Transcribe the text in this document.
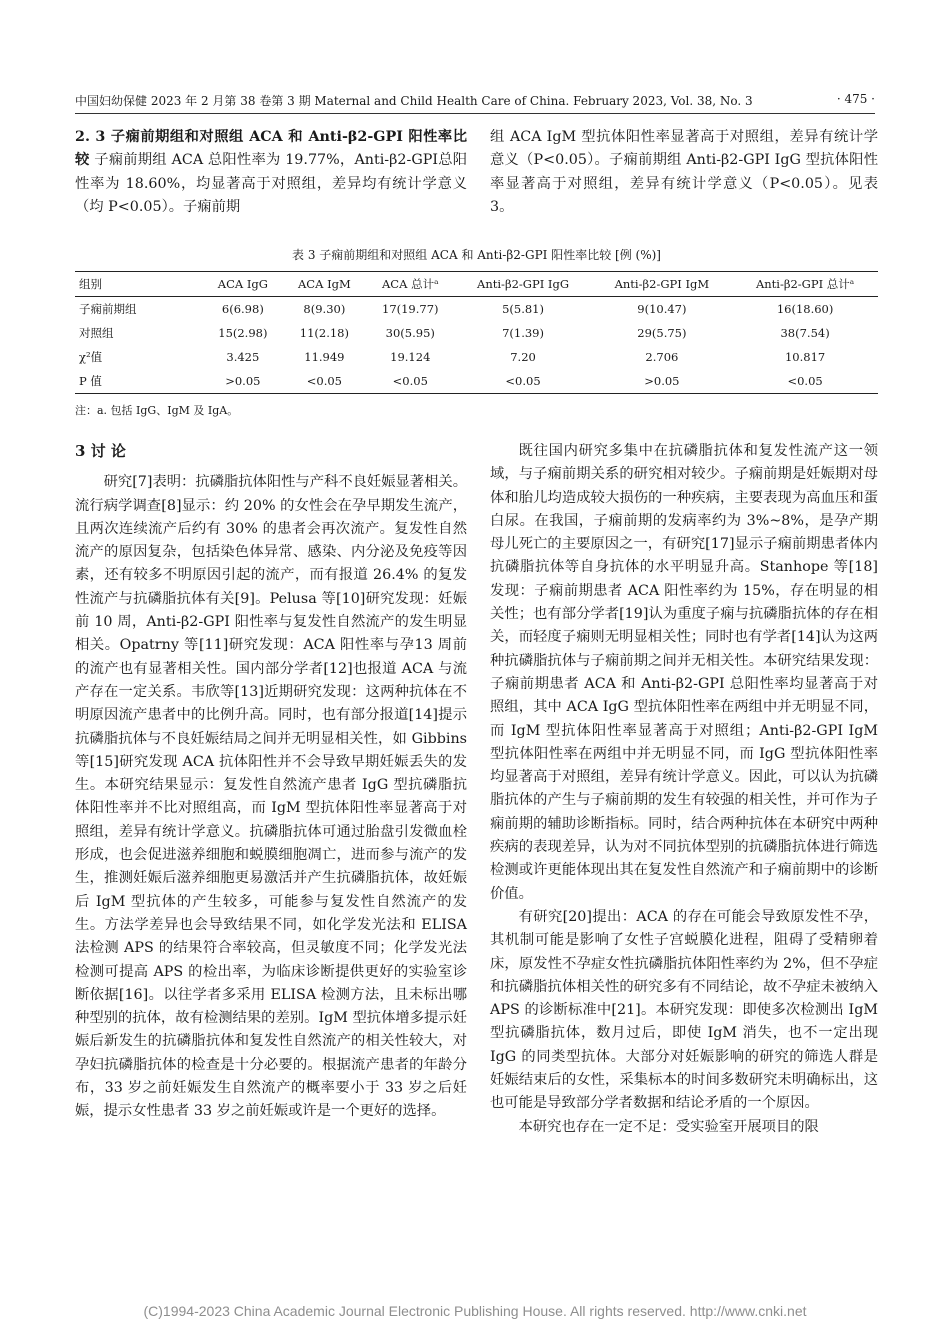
中国妇幼保健 2023 年 2 月第 38 卷第 3 期 Maternal and Child Health Care of China. February 2023, Vol. 38, No. 3	· 475 ·

2. 3 子痫前期组和对照组 ACA 和 Anti-β2-GPI 阳性率比较 子痫前期组 ACA 总阳性率为 19.77%，Anti-β2-GPI总阳性率为 18.60%，均显著高于对照组，差异均有统计学意义（均 P<0.05）。子痫前期

组 ACA IgM 型抗体阳性率显著高于对照组，差异有统计学意义（P<0.05）。子痫前期组 Anti-β2-GPI IgG 型抗体阳性率显著高于对照组，差异有统计学意义（P<0.05）。见表 3。

表 3 子痫前期组和对照组 ACA 和 Anti-β2-GPI 阳性率比较 [例 (%)]
组别	ACA IgG	ACA IgM	ACA 总计ᵃ	Anti-β2-GPI IgG	Anti-β2-GPI IgM	Anti-β2-GPI 总计ᵃ
子痫前期组	6(6.98)	8(9.30)	17(19.77)	5(5.81)	9(10.47)	16(18.60)
对照组	15(2.98)	11(2.18)	30(5.95)	7(1.39)	29(5.75)	38(7.54)
χ²值	3.425	11.949	19.124	7.20	2.706	10.817
P 值	>0.05	<0.05	<0.05	<0.05	>0.05	<0.05
注：a. 包括 IgG、IgM 及 IgA。
3 讨 论

研究[7]表明：抗磷脂抗体阳性与产科不良妊娠显著相关。流行病学调查[8]显示：约 20% 的女性会在孕早期发生流产，且两次连续流产后约有 30% 的患者会再次流产。复发性自然流产的原因复杂，包括染色体异常、感染、内分泌及免疫等因素，还有较多不明原因引起的流产，而有报道 26.4% 的复发性流产与抗磷脂抗体有关[9]。Pelusa 等[10]研究发现：妊娠前 10 周，Anti-β2-GPI 阳性率与复发性自然流产的发生明显相关。Opatrny 等[11]研究发现：ACA 阳性率与孕13 周前的流产也有显著相关性。国内部分学者[12]也报道 ACA 与流产存在一定关系。韦欣等[13]近期研究发现：这两种抗体在不明原因流产患者中的比例升高。同时，也有部分报道[14]提示抗磷脂抗体与不良妊娠结局之间并无明显相关性，如 Gibbins 等[15]研究发现 ACA 抗体阳性并不会导致早期妊娠丢失的发生。本研究结果显示：复发性自然流产患者 IgG 型抗磷脂抗体阳性率并不比对照组高，而 IgM 型抗体阳性率显著高于对照组，差异有统计学意义。抗磷脂抗体可通过胎盘引发微血栓形成，也会促进滋养细胞和蜕膜细胞凋亡，进而参与流产的发生，推测妊娠后滋养细胞更易激活并产生抗磷脂抗体，故妊娠后 IgM 型抗体的产生较多，可能参与复发性自然流产的发生。方法学差异也会导致结果不同，如化学发光法和 ELISA 法检测 APS 的结果符合率较高，但灵敏度不同；化学发光法检测可提高 APS 的检出率，为临床诊断提供更好的实验室诊断依据[16]。以往学者多采用 ELISA 检测方法，且未标出哪种型别的抗体，故有检测结果的差别。IgM 型抗体增多提示妊娠后新发生的抗磷脂抗体和复发性自然流产的相关性较大，对孕妇抗磷脂抗体的检查是十分必要的。根据流产患者的年龄分布，33 岁之前妊娠发生自然流产的概率要小于 33 岁之后妊娠，提示女性患者 33 岁之前妊娠或许是一个更好的选择。

既往国内研究多集中在抗磷脂抗体和复发性流产这一领域，与子痫前期关系的研究相对较少。子痫前期是妊娠期对母体和胎儿均造成较大损伤的一种疾病，主要表现为高血压和蛋白尿。在我国，子痫前期的发病率约为 3%~8%，是孕产期母儿死亡的主要原因之一，有研究[17]显示子痫前期患者体内抗磷脂抗体等自身抗体的水平明显升高。Stanhope 等[18]发现：子痫前期患者 ACA 阳性率约为 15%，存在明显的相关性；也有部分学者[19]认为重度子痫与抗磷脂抗体的存在相关，而轻度子痫则无明显相关性；同时也有学者[14]认为这两种抗磷脂抗体与子痫前期之间并无相关性。本研究结果发现：子痫前期患者 ACA 和 Anti-β2-GPI 总阳性率均显著高于对照组，其中 ACA IgG 型抗体阳性率在两组中并无明显不同，而 IgM 型抗体阳性率显著高于对照组；Anti-β2-GPI IgM 型抗体阳性率在两组中并无明显不同，而 IgG 型抗体阳性率均显著高于对照组，差异有统计学意义。因此，可以认为抗磷脂抗体的产生与子痫前期的发生有较强的相关性，并可作为子痫前期的辅助诊断指标。同时，结合两种抗体在本研究中两种疾病的表现差异，认为对不同抗体型别的抗磷脂抗体进行筛选检测或许更能体现出其在复发性自然流产和子痫前期中的诊断价值。

有研究[20]提出：ACA 的存在可能会导致原发性不孕，其机制可能是影响了女性子宫蜕膜化进程，阻碍了受精卵着床，原发性不孕症女性抗磷脂抗体阳性率约为 2%，但不孕症和抗磷脂抗体相关性的研究多有不同结论，故不孕症未被纳入 APS 的诊断标准中[21]。本研究发现：即使多次检测出 IgM 型抗磷脂抗体，数月过后，即使 IgM 消失，也不一定出现 IgG 的同类型抗体。大部分对妊娠影响的研究的筛选人群是妊娠结束后的女性，采集标本的时间多数研究未明确标出，这也可能是导致部分学者数据和结论矛盾的一个原因。

本研究也存在一定不足：受实验室开展项目的限

(C)1994-2023 China Academic Journal Electronic Publishing House. All rights reserved. http://www.cnki.net
